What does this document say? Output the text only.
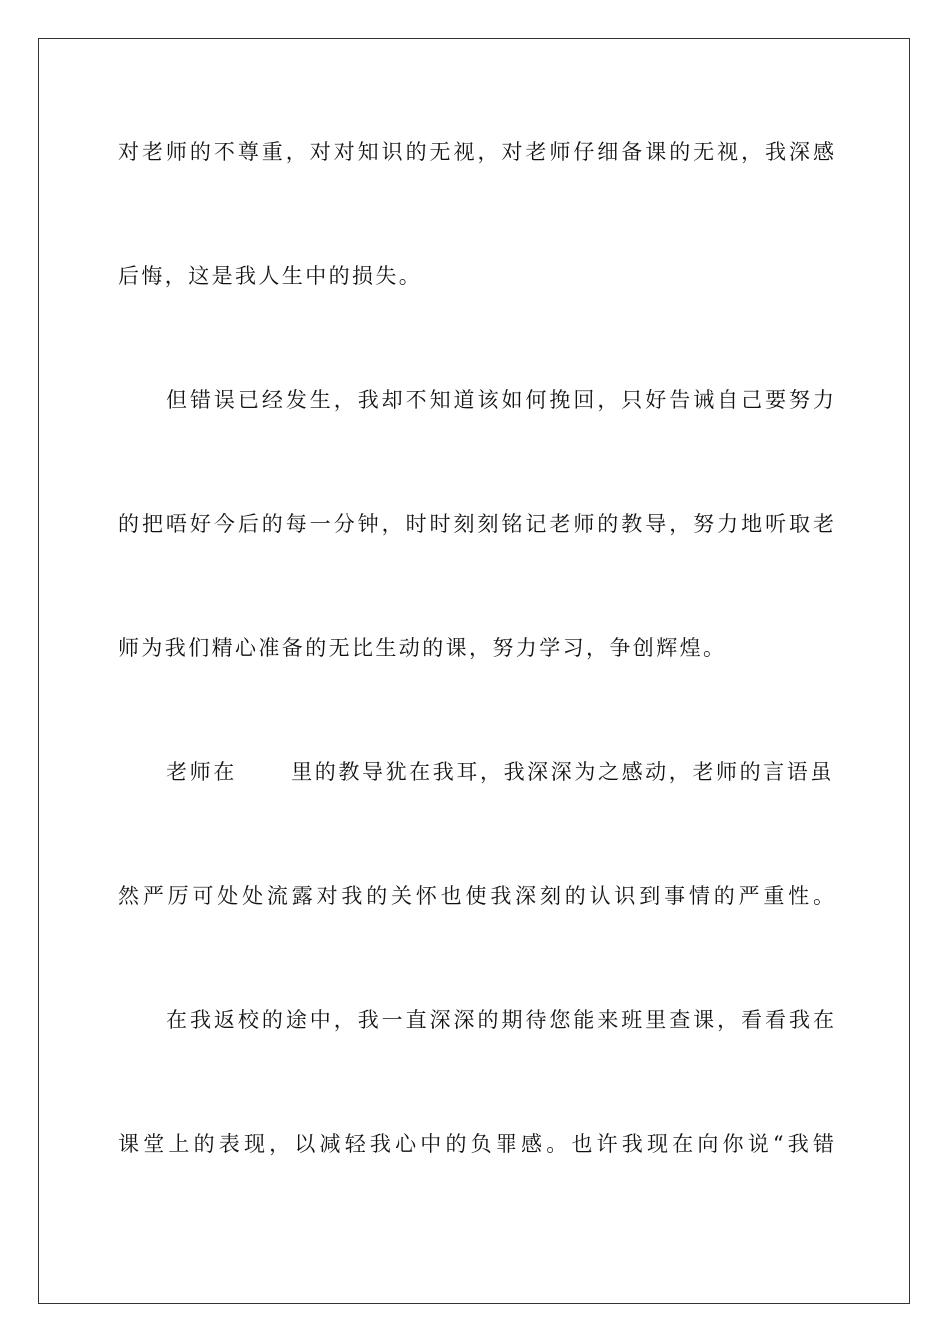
对老师的不尊重，对对知识的无视，对老师仔细备课的无视，我深感
后悔，这是我人生中的损失。
但错误已经发生，我却不知道该如何挽回，只好告诫自己要努力
的把唔好今后的每一分钟，时时刻刻铭记老师的教导，努力地听取老
师为我们精心准备的无比生动的课，努力学习，争创辉煌。
老师在	里的教导犹在我耳，我深深为之感动，老师的言语虽
然严厉可处处流露对我的关怀也使我深刻的认识到事情的严重性。
在我返校的途中，我一直深深的期待您能来班里查课，看看我在
课堂上的表现，以减轻我心中的负罪感。也许我现在向你说“我错
